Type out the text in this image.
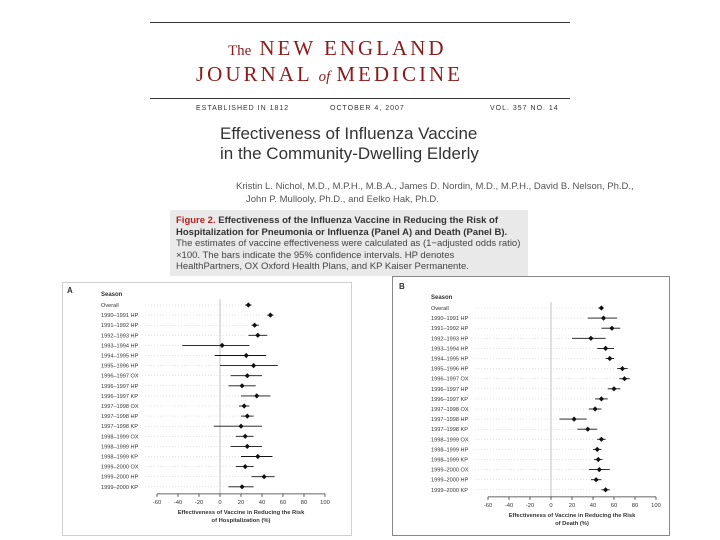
The NEW ENGLAND
JOURNAL of MEDICINE
ESTABLISHED IN 1812	OCTOBER 4, 2007	VOL. 357 NO. 14
Effectiveness of Influenza Vaccine
in the Community-Dwelling Elderly
Kristin L. Nichol, M.D., M.P.H., M.B.A., James D. Nordin, M.D., M.P.H., David B. Nelson, Ph.D.,
John P. Mullooly, Ph.D., and Eelko Hak, Ph.D.
Figure 2. Effectiveness of the Influenza Vaccine in Reducing the Risk of Hospitalization for Pneumonia or Influenza (Panel A) and Death (Panel B). The estimates of vaccine effectiveness were calculated as (1−adjusted odds ratio) ×100. The bars indicate the 95% confidence intervals. HP denotes HealthPartners, OX Oxford Health Plans, and KP Kaiser Permanente.
A	Season
Overall
1990–1991 HP
1991–1992 HP
1992–1993 HP
1993–1994 HP
1994–1995 HP
1995–1996 HP
1996–1997 OX
1996–1997 HP
1996–1997 KP
1997–1998 OX
1997–1998 HP
1997–1998 KP
1998–1999 OX
1998–1999 HP
1998–1999 KP
1999–2000 OX
1999–2000 HP
1999–2000 KP
-60 -40 -20	0	20	40	60	80 100
Effectiveness of Vaccine in Reducing the Risk
of Hospitalization (%)
B
Season
Overall
1990–1991 HP
1991–1992 HP
1992–1993 HP
1993–1994 HP
1994–1995 HP
1995–1996 HP
1996–1997 OX
1996–1997 HP
1996–1997 KP
1997–1998 OX
1997–1998 HP
1997–1998 KP
1998–1999 OX
1998–1999 HP
1998–1999 KP
1999–2000 OX
1999–2000 HP
1999–2000 KP
-60 -40 -20	0	20	40	60	80 100
Effectiveness of Vaccine in Reducing the Risk
of Death (%)
